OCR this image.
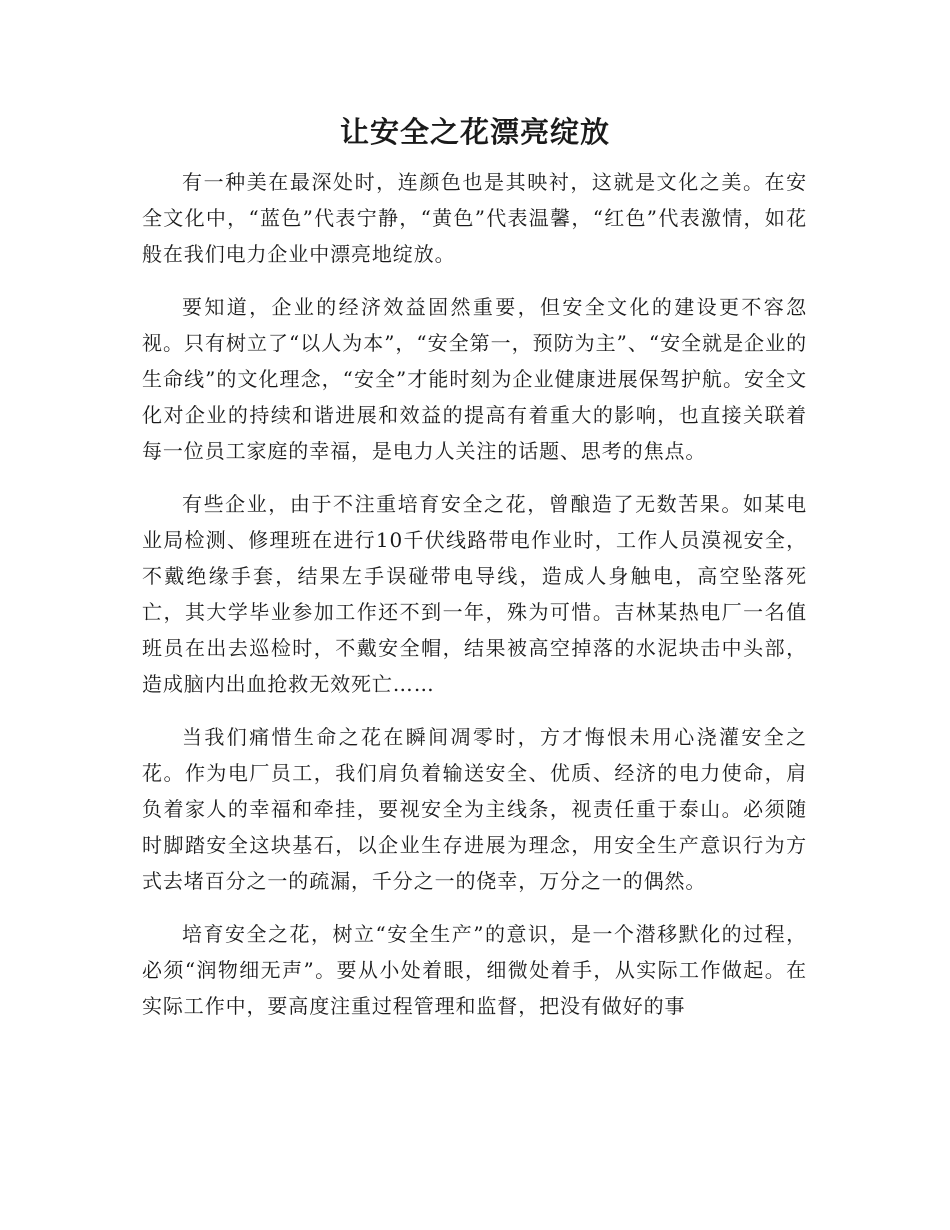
让安全之花漂亮绽放

有一种美在最深处时，连颜色也是其映衬，这就是文化之美。在安全文化中，“蓝色”代表宁静，“黄色”代表温馨，“红色”代表激情，如花般在我们电力企业中漂亮地绽放。

要知道，企业的经济效益固然重要，但安全文化的建设更不容忽视。只有树立了“以人为本”，“安全第一，预防为主”、“安全就是企业的生命线”的文化理念，“安全”才能时刻为企业健康进展保驾护航。安全文化对企业的持续和谐进展和效益的提高有着重大的影响，也直接关联着每一位员工家庭的幸福，是电力人关注的话题、思考的焦点。

有些企业，由于不注重培育安全之花，曾酿造了无数苦果。如某电业局检测、修理班在进行10千伏线路带电作业时，工作人员漠视安全，不戴绝缘手套，结果左手误碰带电导线，造成人身触电，高空坠落死亡，其大学毕业参加工作还不到一年，殊为可惜。吉林某热电厂一名值班员在出去巡检时，不戴安全帽，结果被高空掉落的水泥块击中头部，造成脑内出血抢救无效死亡……

当我们痛惜生命之花在瞬间凋零时，方才悔恨未用心浇灌安全之花。作为电厂员工，我们肩负着输送安全、优质、经济的电力使命，肩负着家人的幸福和牵挂，要视安全为主线条，视责任重于泰山。必须随时脚踏安全这块基石，以企业生存进展为理念，用安全生产意识行为方式去堵百分之一的疏漏，千分之一的侥幸，万分之一的偶然。

培育安全之花，树立“安全生产”的意识，是一个潜移默化的过程，必须“润物细无声”。要从小处着眼，细微处着手，从实际工作做起。在实际工作中，要高度注重过程管理和监督，把没有做好的事
